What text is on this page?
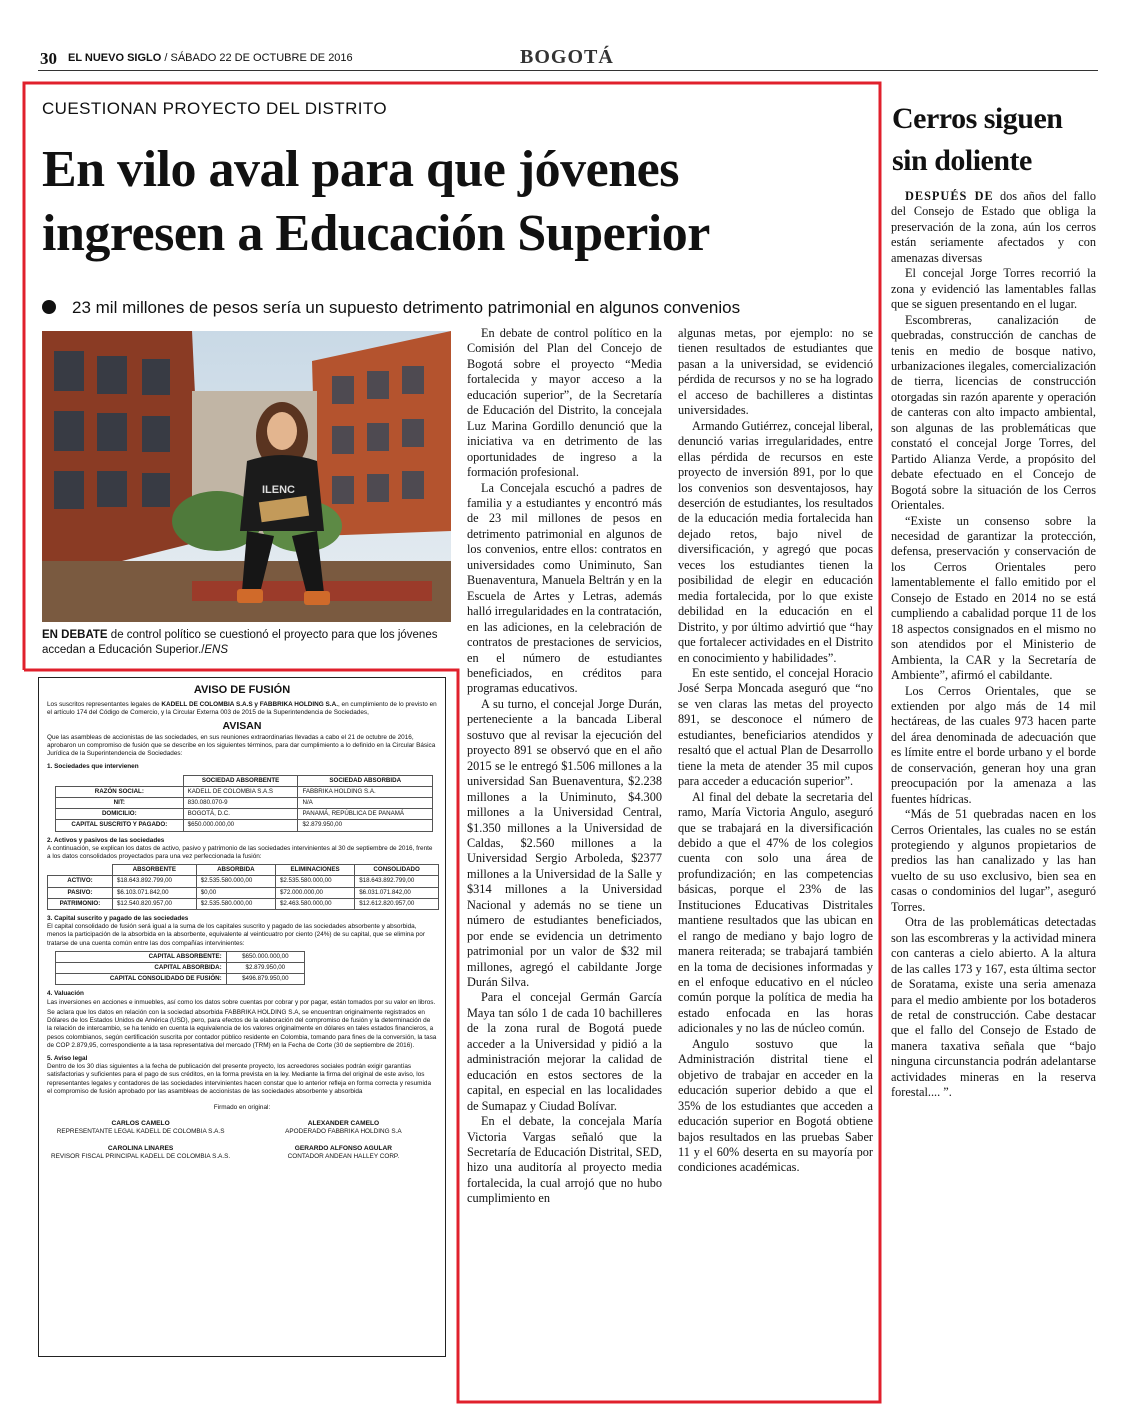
30 EL NUEVO SIGLO / SÁBADO 22 DE OCTUBRE DE 2016	BOGOTÁ
CUESTIONAN PROYECTO DEL DISTRITO
En vilo aval para que jóvenes ingresen a Educación Superior
23 mil millones de pesos sería un supuesto detrimento patrimonial en algunos convenios
ILENC
EN DEBATE de control político se cuestionó el proyecto para que los jóvenes accedan a Educación Superior./ENS

En debate de control político en la Comisión del Plan del Concejo de Bogotá sobre el proyecto “Media fortalecida y mayor acceso a la educación superior”, de la Secretaría de Educación del Distrito, la concejala Luz Marina Gordillo denunció que la iniciativa va en detrimento de las oportunidades de ingreso a la formación profesional.

La Concejala escuchó a padres de familia y a estudiantes y encontró más de 23 mil millones de pesos en detrimento patrimonial en algunos de los convenios, entre ellos: contratos en universidades como Uniminuto, San Buenaventura, Manuela Beltrán y en la Escuela de Artes y Letras, además halló irregularidades en la contratación, en las adiciones, en la celebración de contratos de prestaciones de servicios, en el número de estudiantes beneficiados, en créditos para programas educativos.

A su turno, el concejal Jorge Durán, perteneciente a la bancada Liberal sostuvo que al revisar la ejecución del proyecto 891 se observó que en el año 2015 se le entregó $1.506 millones a la universidad San Buenaventura, $2.238 millones a la Uniminuto, $4.300 millones a la Universidad Central, $1.350 millones a la Universidad de Caldas, $2.560 millones a la Universidad Sergio Arboleda, $2377 millones a la Universidad de la Salle y $314 millones a la Universidad Nacional y además no se tiene un número de estudiantes beneficiados, por ende se evidencia un detrimento patrimonial por un valor de $32 mil millones, agregó el cabildante Jorge Durán Silva.

Para el concejal Germán García Maya tan sólo 1 de cada 10 bachilleres de la zona rural de Bogotá puede acceder a la Universidad y pidió a la administración mejorar la calidad de educación en estos sectores de la capital, en especial en las localidades de Sumapaz y Ciudad Bolívar.

En el debate, la concejala María Victoria Vargas señaló que la Secretaría de Educación Distrital, SED, hizo una auditoría al proyecto media fortalecida, la cual arrojó que no hubo cumplimiento en

algunas metas, por ejemplo: no se tienen resultados de estudiantes que pasan a la universidad, se evidenció pérdida de recursos y no se ha logrado el acceso de bachilleres a distintas universidades.

Armando Gutiérrez, concejal liberal, denunció varias irregularidades, entre ellas pérdida de recursos en este proyecto de inversión 891, por lo que los convenios son desventajosos, hay deserción de estudiantes, los resultados de la educación media fortalecida han dejado retos, bajo nivel de diversificación, y agregó que pocas veces los estudiantes tienen la posibilidad de elegir en educación media fortalecida, por lo que existe debilidad en la educación en el Distrito, y por último advirtió que “hay que fortalecer actividades en el Distrito en conocimiento y habilidades”.

En este sentido, el concejal Horacio José Serpa Moncada aseguró que “no se ven claras las metas del proyecto 891, se desconoce el número de estudiantes, beneficiarios atendidos y resaltó que el actual Plan de Desarrollo tiene la meta de atender 35 mil cupos para acceder a educación superior”.

Al final del debate la secretaria del ramo, María Victoria Angulo, aseguró que se trabajará en la diversificación debido a que el 47% de los colegios cuenta con solo una área de profundización; en las competencias básicas, porque el 23% de las Instituciones Educativas Distritales mantiene resultados que las ubican en el rango de mediano y bajo logro de manera reiterada; se trabajará también en la toma de decisiones informadas y en el enfoque educativo en el núcleo común porque la política de media ha estado enfocada en las horas adicionales y no las de núcleo común.

Angulo sostuvo que la Administración distrital tiene el objetivo de trabajar en acceder en la educación superior debido a que el 35% de los estudiantes que acceden a educación superior en Bogotá obtiene bajos resultados en las pruebas Saber 11 y el 60% deserta en su mayoría por condiciones académicas.

Cerros siguen sin doliente

DESPUÉS DE dos años del fallo del Consejo de Estado que obliga la preservación de la zona, aún los cerros están seriamente afectados y con amenazas diversas

El concejal Jorge Torres recorrió la zona y evidenció las lamentables fallas que se siguen presentando en el lugar.

Escombreras, canalización de quebradas, construcción de canchas de tenis en medio de bosque nativo, urbanizaciones ilegales, comercialización de tierra, licencias de construcción otorgadas sin razón aparente y operación de canteras con alto impacto ambiental, son algunas de las problemáticas que constató el concejal Jorge Torres, del Partido Alianza Verde, a propósito del debate efectuado en el Concejo de Bogotá sobre la situación de los Cerros Orientales.

“Existe un consenso sobre la necesidad de garantizar la protección, defensa, preservación y conservación de los Cerros Orientales pero lamentablemente el fallo emitido por el Consejo de Estado en 2014 no se está cumpliendo a cabalidad porque 11 de los 18 aspectos consignados en el mismo no son atendidos por el Ministerio de Ambienta, la CAR y la Secretaría de Ambiente”, afirmó el cabildante.

Los Cerros Orientales, que se extienden por algo más de 14 mil hectáreas, de las cuales 973 hacen parte del área denominada de adecuación que es límite entre el borde urbano y el borde de conservación, generan hoy una gran preocupación por la amenaza a las fuentes hídricas.

“Más de 51 quebradas nacen en los Cerros Orientales, las cuales no se están protegiendo y algunos propietarios de predios las han canalizado y las han vuelto de su uso exclusivo, bien sea en casas o condominios del lugar”, aseguró Torres.

Otra de las problemáticas detectadas son las escombreras y la actividad minera con canteras a cielo abierto. A la altura de las calles 173 y 167, esta última sector de Soratama, existe una seria amenaza para el medio ambiente por los botaderos de retal de construcción. Cabe destacar que el fallo del Consejo de Estado de manera taxativa señala que “bajo ninguna circunstancia podrán adelantarse actividades mineras en la reserva forestal.... ”.

AVISO DE FUSIÓN

Los suscritos representantes legales de KADELL DE COLOMBIA S.A.S y FABBRIKA HOLDING S.A., en cumplimiento de lo previsto en el artículo 174 del Código de Comercio, y la Circular Externa 003 de 2015 de la Superintendencia de Sociedades,

AVISAN

Que las asambleas de accionistas de las sociedades, en sus reuniones extraordinarias llevadas a cabo el 21 de octubre de 2016, aprobaron un compromiso de fusión que se describe en los siguientes términos, para dar cumplimiento a lo definido en la Circular Básica Jurídica de la Superintendencia de Sociedades:

1. Sociedades que intervienen
	SOCIEDAD ABSORBENTE	SOCIEDAD ABSORBIDA
RAZÓN SOCIAL:	KADELL DE COLOMBIA S.A.S	FABBRIKA HOLDING S.A.
NIT:	830.080.070-9	N/A
DOMICILIO:	BOGOTÁ, D.C.	PANAMÁ, REPÚBLICA DE PANAMÁ
CAPITAL SUSCRITO Y PAGADO:	$650.000.000,00	$2.879.950,00
2. Activos y pasivos de las sociedades

A continuación, se explican los datos de activo, pasivo y patrimonio de las sociedades intervinientes al 30 de septiembre de 2016, frente a los datos consolidados proyectados para una vez perfeccionada la fusión:

	ABSORBENTE	ABSORBIDA	ELIMINACIONES	CONSOLIDADO
ACTIVO:	$18.643.892.799,00	$2.535.580.000,00	$2.535.580.000,00	$18.643.892.799,00
PASIVO:	$6.103.071.842,00	$0,00	$72.000.000,00	$6.031.071.842,00
PATRIMONIO:	$12.540.820.957,00	$2.535.580.000,00	$2.463.580.000,00	$12.612.820.957,00
3. Capital suscrito y pagado de las sociedades

El capital consolidado de fusión será igual a la suma de los capitales suscrito y pagado de las sociedades absorbente y absorbida, menos la participación de la absorbida en la absorbente, equivalente al veinticuatro por ciento (24%) de su capital, que se elimina por tratarse de una cuenta común entre las dos compañías intervinientes:

CAPITAL ABSORBENTE:	$650.000.000,00
CAPITAL ABSORBIDA:	$2.879.950,00
CAPITAL CONSOLIDADO DE FUSIÓN:	$496.879.950,00
4. Valuación

Las inversiones en acciones e inmuebles, así como los datos sobre cuentas por cobrar y por pagar, están tomados por su valor en libros.

Se aclara que los datos en relación con la sociedad absorbida FABBRIKA HOLDING S.A, se encuentran originalmente registrados en Dólares de los Estados Unidos de América (USD), pero, para efectos de la elaboración del compromiso de fusión y la determinación de la relación de intercambio, se ha tenido en cuenta la equivalencia de los valores originalmente en dólares en tales estados financieros, a pesos colombianos, según certificación suscrita por contador público residente en Colombia, tomando para fines de la conversión, la tasa de COP 2.879,95, correspondiente a la tasa representativa del mercado (TRM) en la Fecha de Corte (30 de septiembre de 2016).

5. Aviso legal

Dentro de los 30 días siguientes a la fecha de publicación del presente proyecto, los acreedores sociales podrán exigir garantías satisfactorias y suficientes para el pago de sus créditos, en la forma prevista en la ley. Mediante la firma del original de este aviso, los representantes legales y contadores de las sociedades intervinientes hacen constar que lo anterior refleja en forma correcta y resumida el compromiso de fusión aprobado por las asambleas de accionistas de las sociedades absorbente y absorbida

Firmado en original:

CARLOS CAMELO
REPRESENTANTE LEGAL KADELL DE COLOMBIA S.A.S
ALEXANDER CAMELO
APODERADO FABBRIKA HOLDING S.A
CAROLINA LINARES
REVISOR FISCAL PRINCIPAL KADELL DE COLOMBIA S.A.S.
GERARDO ALFONSO AGULAR
CONTADOR ANDEAN HALLEY CORP.
